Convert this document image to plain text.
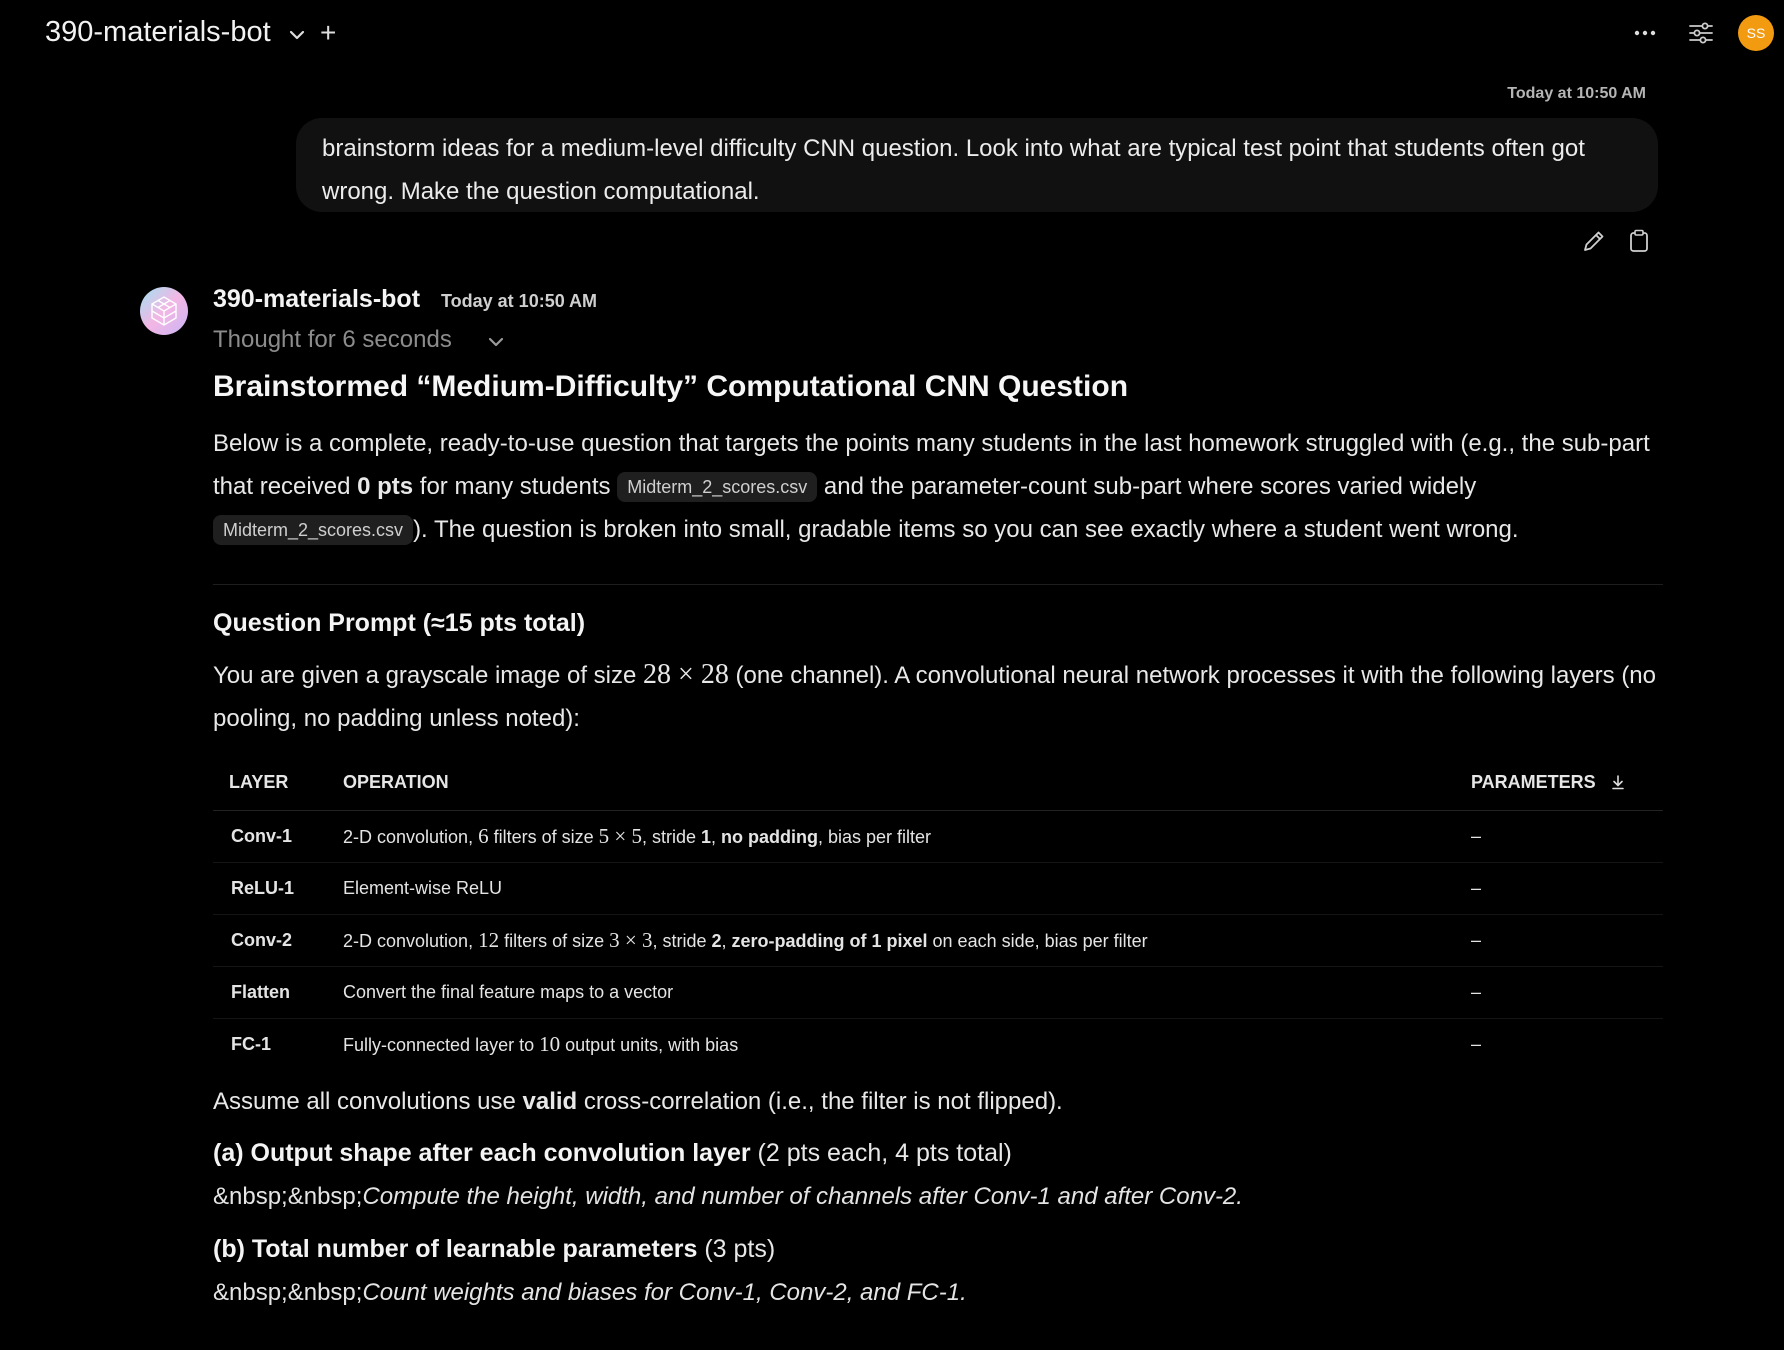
390-materials-bot +	SS
Today at 10:50 AM
brainstorm ideas for a medium-level difficulty CNN question. Look into what are typical test point that students often got wrong. Make the question computational.
390-materials-bot Today at 10:50 AM
Thought for 6 seconds
Brainstormed “Medium-Difficulty” Computational CNN Question
Below is a complete, ready-to-use question that targets the points many students in the last homework struggled with (e.g., the sub-part that received 0 pts for many students Midterm_2_scores.csv and the parameter-count sub-part where scores varied widely Midterm_2_scores.csv ). The question is broken into small, gradable items so you can see exactly where a student went wrong.
Question Prompt (≈15 pts total)
You are given a grayscale image of size 28 × 28 (one channel). A convolutional neural network processes it with the following layers (no pooling, no padding unless noted):
LAYER	OPERATION	PARAMETERS
Conv-1	2-D convolution, 6 filters of size 5 × 5, stride 1, no padding, bias per filter	–
ReLU-1	Element-wise ReLU	–
Conv-2	2-D convolution, 12 filters of size 3 × 3, stride 2, zero-padding of 1 pixel on each side, bias per filter	–
Flatten	Convert the final feature maps to a vector	–
FC-1	Fully-connected layer to 10 output units, with bias	–
Assume all convolutions use valid cross-correlation (i.e., the filter is not flipped).
(a) Output shape after each convolution layer (2 pts each, 4 pts total)
&nbsp;&nbsp;Compute the height, width, and number of channels after Conv-1 and after Conv-2.
(b) Total number of learnable parameters (3 pts)
&nbsp;&nbsp;Count weights and biases for Conv-1, Conv-2, and FC-1.
